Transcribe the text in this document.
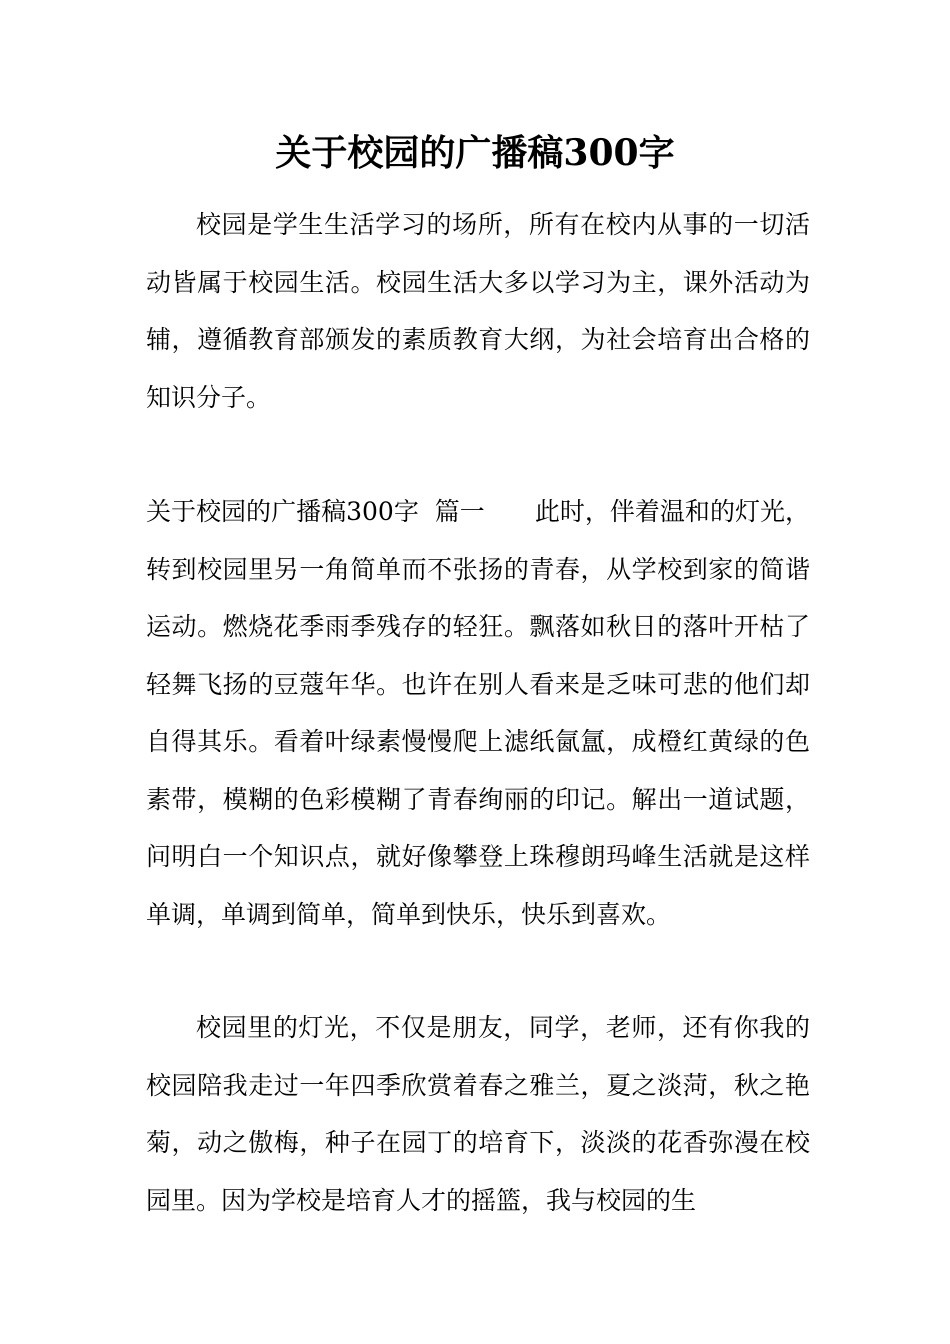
关于校园的广播稿300字

校园是学生生活学习的场所，所有在校内从事的一切活动皆属于校园生活。校园生活大多以学习为主，课外活动为辅，遵循教育部颁发的素质教育大纲，为社会培育出合格的知识分子。

关于校园的广播稿300字  篇一 此时，伴着温和的灯光，转到校园里另一角简单而不张扬的青春，从学校到家的简谐运动。燃烧花季雨季残存的轻狂。飘落如秋日的落叶开枯了轻舞飞扬的豆蔻年华。也许在别人看来是乏味可悲的他们却自得其乐。看着叶绿素慢慢爬上滤纸氤氲，成橙红黄绿的色素带，模糊的色彩模糊了青春绚丽的印记。解出一道试题，问明白一个知识点，就好像攀登上珠穆朗玛峰生活就是这样单调，单调到简单，简单到快乐，快乐到喜欢。

校园里的灯光，不仅是朋友，同学，老师，还有你我的校园陪我走过一年四季欣赏着春之雅兰，夏之淡菏，秋之艳菊，动之傲梅，种子在园丁的培育下，淡淡的花香弥漫在校园里。因为学校是培育人才的摇篮，我与校园的生
